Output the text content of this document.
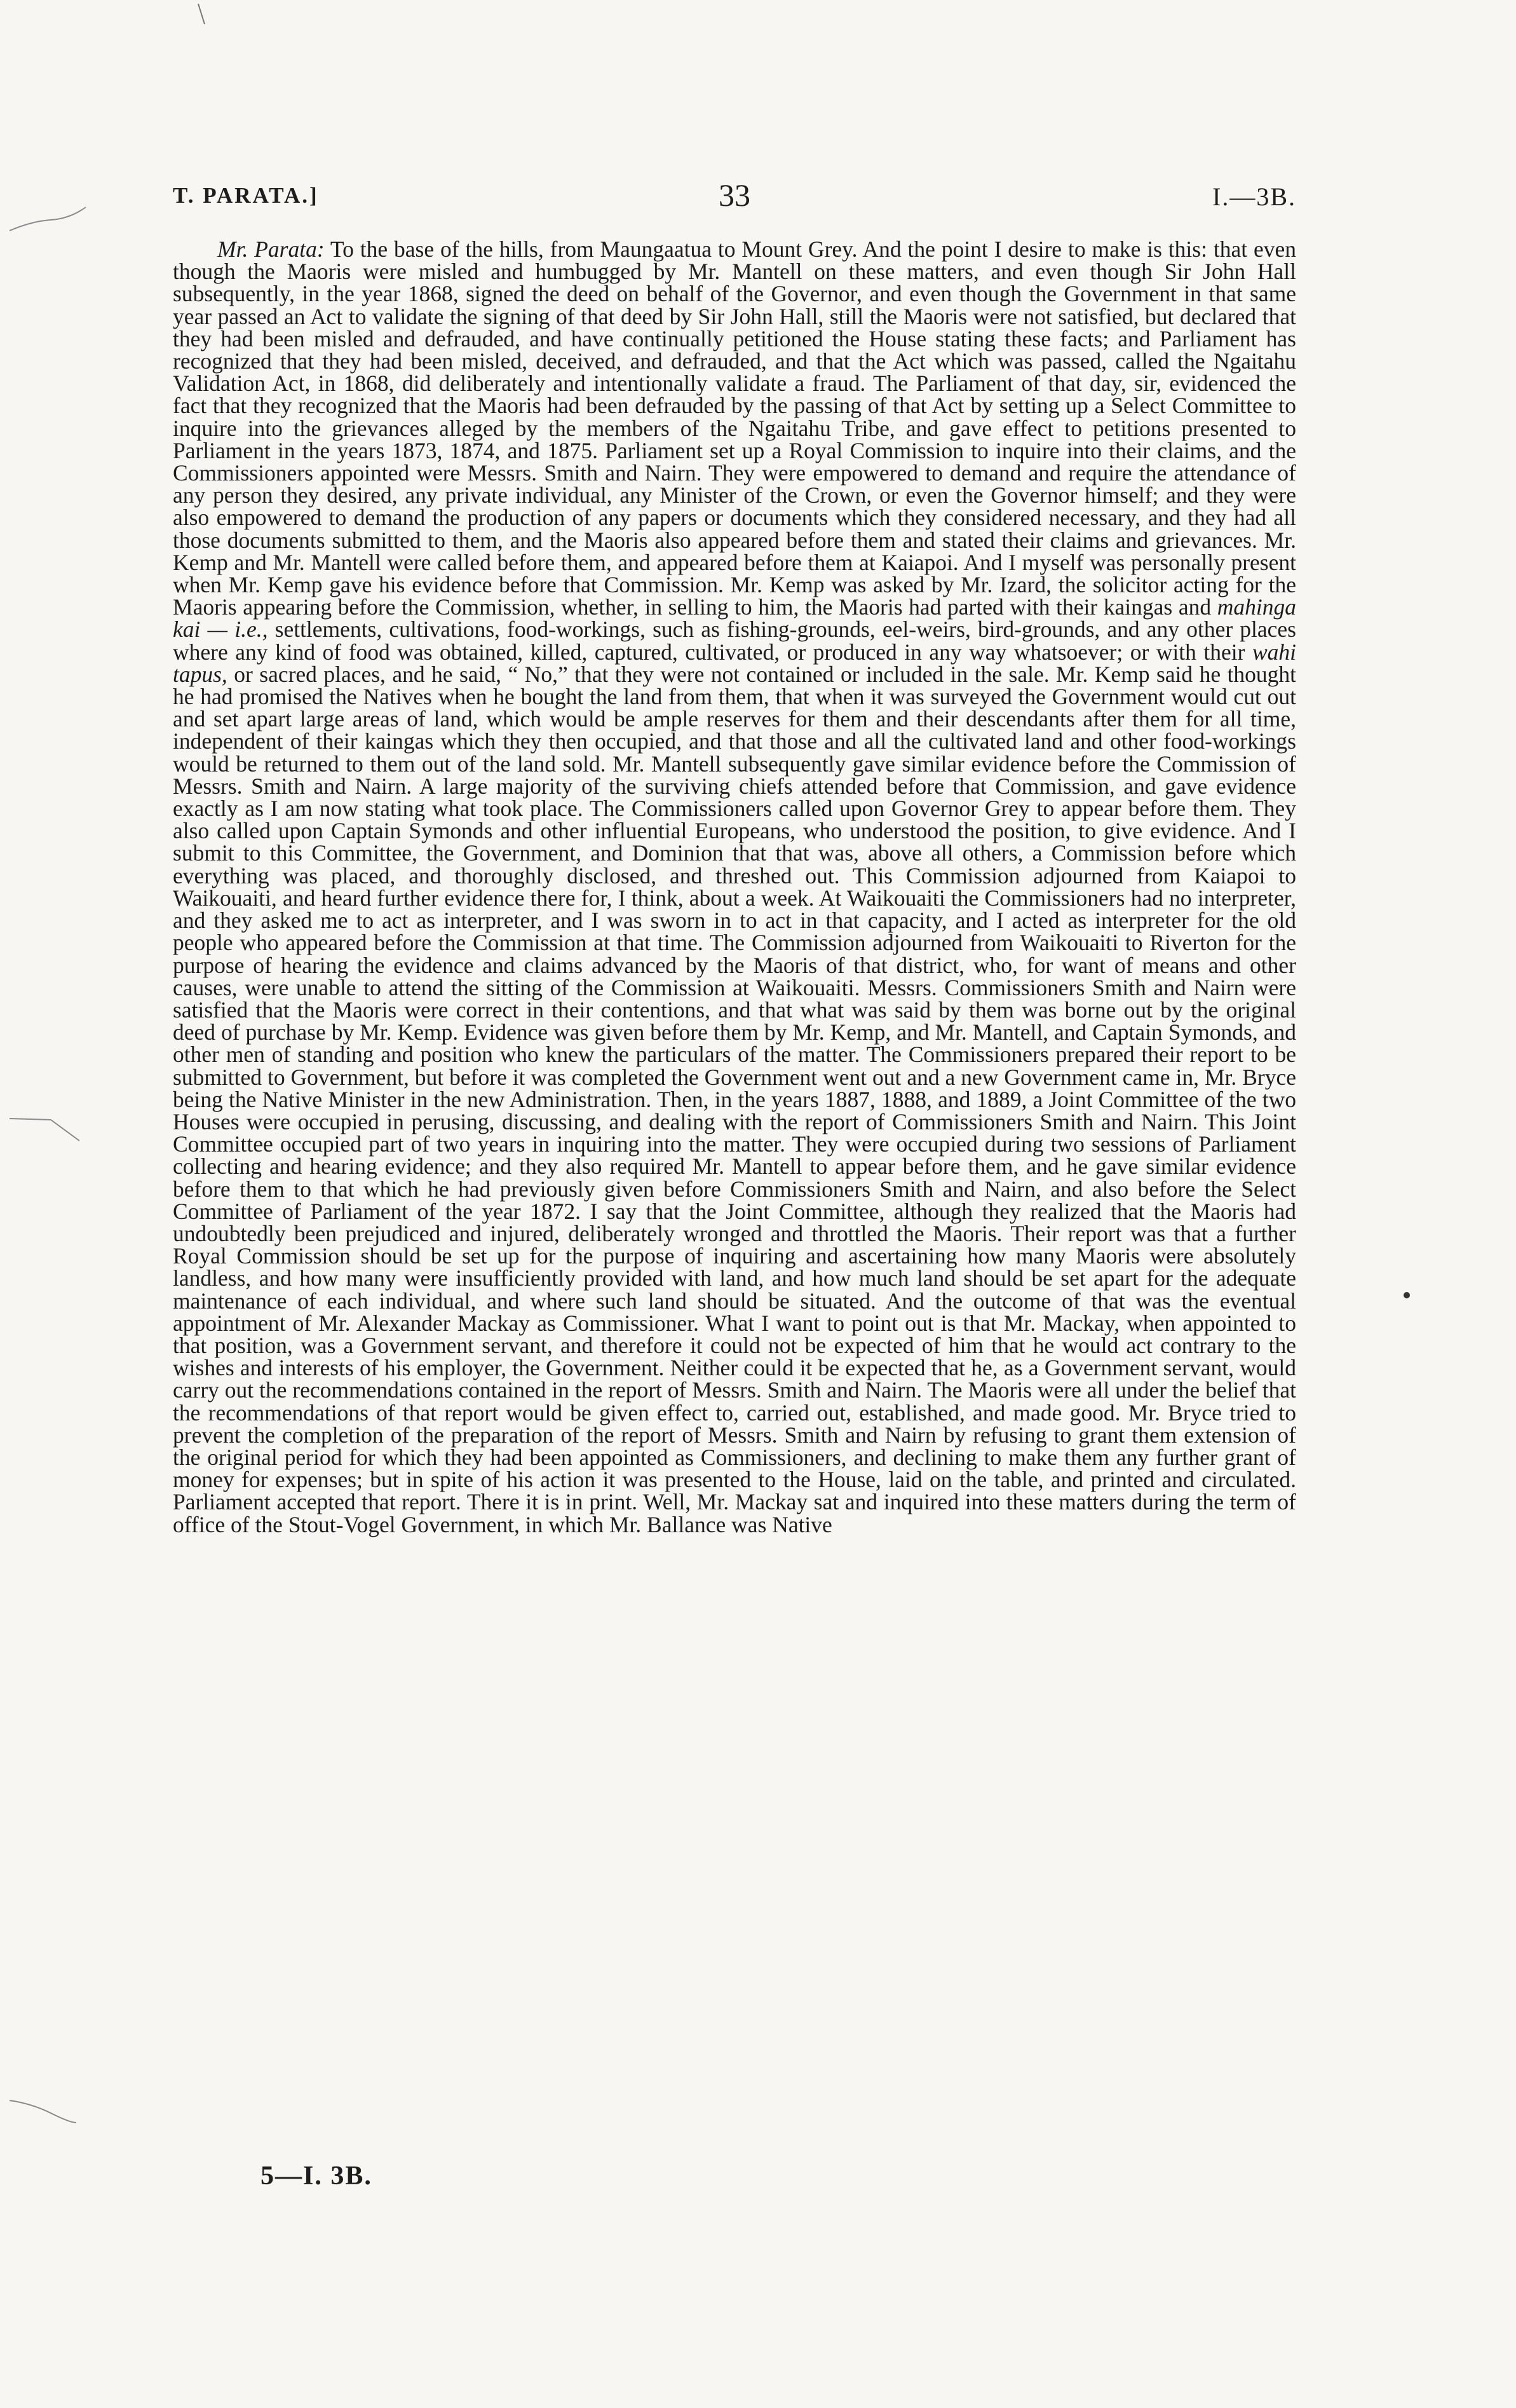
T. PARATA.]	33	I.—3B.
Mr. Parata: To the base of the hills, from Maungaatua to Mount Grey. And the point I desire to make is this: that even though the Maoris were misled and humbugged by Mr. Mantell on these matters, and even though Sir John Hall subsequently, in the year 1868, signed the deed on behalf of the Governor, and even though the Government in that same year passed an Act to validate the signing of that deed by Sir John Hall, still the Maoris were not satisfied, but declared that they had been misled and defrauded, and have continually petitioned the House stating these facts; and Parliament has recognized that they had been misled, deceived, and defrauded, and that the Act which was passed, called the Ngaitahu Validation Act, in 1868, did deliberately and intentionally validate a fraud. The Parliament of that day, sir, evidenced the fact that they recognized that the Maoris had been defrauded by the passing of that Act by setting up a Select Committee to inquire into the grievances alleged by the members of the Ngaitahu Tribe, and gave effect to petitions presented to Parliament in the years 1873, 1874, and 1875. Parliament set up a Royal Commission to inquire into their claims, and the Commissioners appointed were Messrs. Smith and Nairn. They were empowered to demand and require the attendance of any person they desired, any private individual, any Minister of the Crown, or even the Governor himself; and they were also empowered to demand the production of any papers or documents which they considered necessary, and they had all those documents submitted to them, and the Maoris also appeared before them and stated their claims and grievances. Mr. Kemp and Mr. Mantell were called before them, and appeared before them at Kaiapoi. And I myself was personally present when Mr. Kemp gave his evidence before that Commission. Mr. Kemp was asked by Mr. Izard, the solicitor acting for the Maoris appearing before the Commission, whether, in selling to him, the Maoris had parted with their kaingas and mahinga kai — i.e., settlements, cultivations, food-workings, such as fishing-grounds, eel-weirs, bird-grounds, and any other places where any kind of food was obtained, killed, captured, cultivated, or produced in any way whatsoever; or with their wahi tapus, or sacred places, and he said, “ No,” that they were not contained or included in the sale. Mr. Kemp said he thought he had promised the Natives when he bought the land from them, that when it was surveyed the Government would cut out and set apart large areas of land, which would be ample reserves for them and their descendants after them for all time, independent of their kaingas which they then occupied, and that those and all the cultivated land and other food-workings would be returned to them out of the land sold. Mr. Mantell subsequently gave similar evidence before the Commission of Messrs. Smith and Nairn. A large majority of the surviving chiefs attended before that Commission, and gave evidence exactly as I am now stating what took place. The Commissioners called upon Governor Grey to appear before them. They also called upon Captain Symonds and other influential Europeans, who understood the position, to give evidence. And I submit to this Committee, the Government, and Dominion that that was, above all others, a Commission before which everything was placed, and thoroughly disclosed, and threshed out. This Commission adjourned from Kaiapoi to Waikouaiti, and heard further evidence there for, I think, about a week. At Waikouaiti the Commissioners had no interpreter, and they asked me to act as interpreter, and I was sworn in to act in that capacity, and I acted as interpreter for the old people who appeared before the Commission at that time. The Commission adjourned from Waikouaiti to Riverton for the purpose of hearing the evidence and claims advanced by the Maoris of that district, who, for want of means and other causes, were unable to attend the sitting of the Commission at Waikouaiti. Messrs. Commissioners Smith and Nairn were satisfied that the Maoris were correct in their contentions, and that what was said by them was borne out by the original deed of purchase by Mr. Kemp. Evidence was given before them by Mr. Kemp, and Mr. Mantell, and Captain Symonds, and other men of standing and position who knew the particulars of the matter. The Commissioners prepared their report to be submitted to Government, but before it was completed the Government went out and a new Government came in, Mr. Bryce being the Native Minister in the new Administration. Then, in the years 1887, 1888, and 1889, a Joint Committee of the two Houses were occupied in perusing, discussing, and dealing with the report of Commissioners Smith and Nairn. This Joint Committee occupied part of two years in inquiring into the matter. They were occupied during two sessions of Parliament collecting and hearing evidence; and they also required Mr. Mantell to appear before them, and he gave similar evidence before them to that which he had previously given before Commissioners Smith and Nairn, and also before the Select Committee of Parliament of the year 1872. I say that the Joint Committee, although they realized that the Maoris had undoubtedly been prejudiced and injured, deliberately wronged and throttled the Maoris. Their report was that a further Royal Commission should be set up for the purpose of inquiring and ascertaining how many Maoris were absolutely landless, and how many were insufficiently provided with land, and how much land should be set apart for the adequate maintenance of each individual, and where such land should be situated. And the outcome of that was the eventual appointment of Mr. Alexander Mackay as Commissioner. What I want to point out is that Mr. Mackay, when appointed to that position, was a Government servant, and therefore it could not be expected of him that he would act contrary to the wishes and interests of his employer, the Government. Neither could it be expected that he, as a Government servant, would carry out the recommendations contained in the report of Messrs. Smith and Nairn. The Maoris were all under the belief that the recommendations of that report would be given effect to, carried out, established, and made good. Mr. Bryce tried to prevent the completion of the preparation of the report of Messrs. Smith and Nairn by refusing to grant them extension of the original period for which they had been appointed as Commissioners, and declining to make them any further grant of money for expenses; but in spite of his action it was presented to the House, laid on the table, and printed and circulated. Parliament accepted that report. There it is in print. Well, Mr. Mackay sat and inquired into these matters during the term of office of the Stout-Vogel Government, in which Mr. Ballance was Native
5—I. 3B.
